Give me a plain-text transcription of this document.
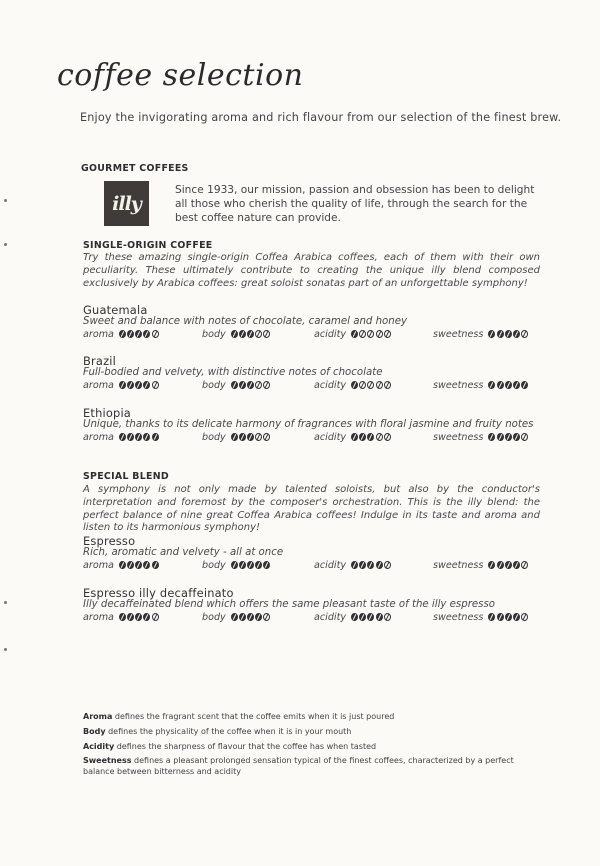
coffee selection
Enjoy the invigorating aroma and rich flavour from our selection of the finest brew.
GOURMET COFFEES
illy
Since 1933, our mission, passion and obsession has been to delight all those who cherish the quality of life, through the search for the best coffee nature can provide.
SINGLE-ORIGIN COFFEE
Try these amazing single-origin Coffea Arabica coffees, each of them with their own peculiarity. These ultimately contribute to creating the unique illy blend composed exclusively by Arabica coffees: great soloist sonatas part of an unforgettable symphony!
SPECIAL BLEND
A symphony is not only made by talented soloists, but also by the conductor's interpretation and foremost by the composer's orchestration. This is the illy blend: the perfect balance of nine great Coffea Arabica coffees! Indulge in its taste and aroma and listen to its harmonious symphony!
Guatemala
Sweet and balance with notes of chocolate, caramel and honey
aroma	body	acidity	sweetness
Brazil
Full-bodied and velvety, with distinctive notes of chocolate
aroma	body	acidity	sweetness
Ethiopia
Unique, thanks to its delicate harmony of fragrances with floral jasmine and fruity notes
aroma	body	acidity	sweetness
Espresso
Rich, aromatic and velvety - all at once
aroma	body	acidity	sweetness
Espresso illy decaffeinato
Illy decaffeinated blend which offers the same pleasant taste of the illy espresso
aroma	body	acidity	sweetness
Aroma defines the fragrant scent that the coffee emits when it is just poured
Body defines the physicality of the coffee when it is in your mouth
Acidity defines the sharpness of flavour that the coffee has when tasted
Sweetness defines a pleasant prolonged sensation typical of the finest coffees, characterized by a perfect balance between bitterness and acidity
